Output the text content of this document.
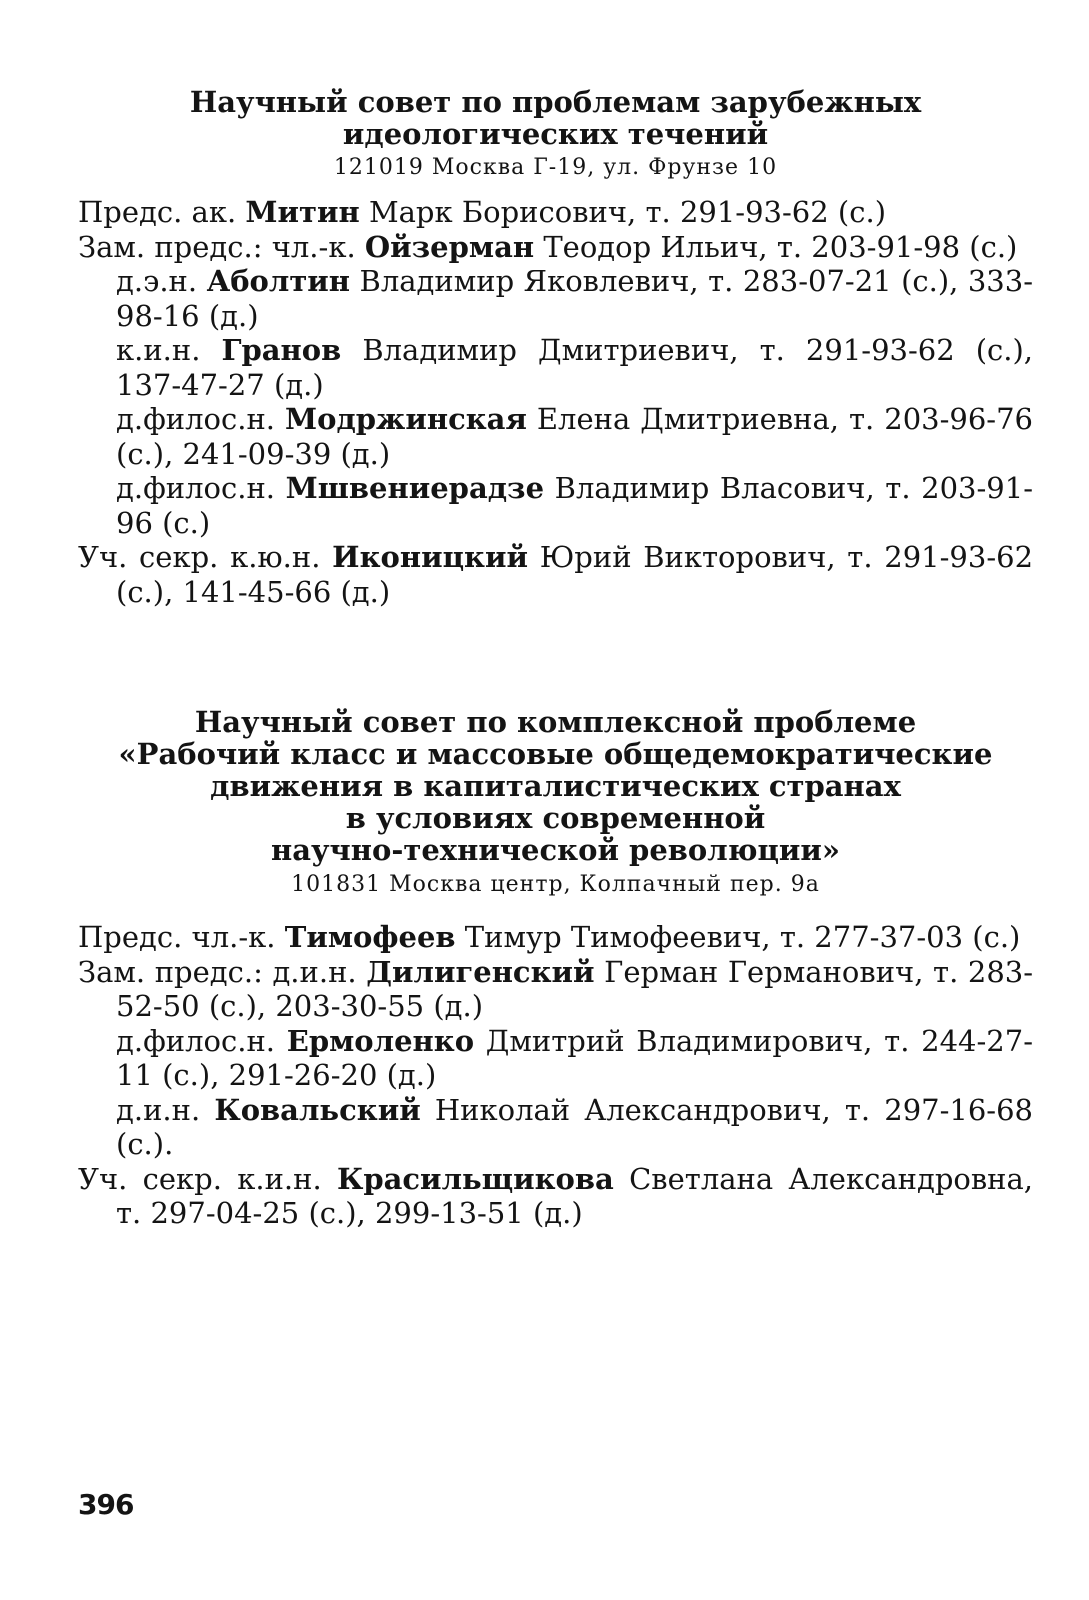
Научный совет по проблемам зарубежных
идеологических течений

121019 Москва Г-19, ул. Фрунзе 10

Предс. ак. Митин Марк Борисович, т. 291-93-62 (с.)

Зам. предс.: чл.-к. Ойзерман Теодор Ильич, т. 203-91-98 (с.)

д.э.н. Аболтин Владимир Яковлевич, т. 283-07-21 (с.), 333-98-16 (д.)

к.и.н. Гранов Владимир Дмитриевич, т. 291-93-62 (с.), 137-47-27 (д.)

д.филос.н. Модржинская Елена Дмитриевна, т. 203-96-76 (с.), 241-09-39 (д.)

д.филос.н. Мшвениерадзе Владимир Власович, т. 203-91-96 (с.)

Уч. секр. к.ю.н. Иконицкий Юрий Викторович, т. 291-93-62 (с.), 141-45-66 (д.)

Научный совет по комплексной проблеме
«Рабочий класс и массовые общедемократические
движения в капиталистических странах
в условиях современной
научно-технической революции»

101831 Москва центр, Колпачный пер. 9а

Предс. чл.-к. Тимофеев Тимур Тимофеевич, т. 277-37-03 (с.)

Зам. предс.: д.и.н. Дилигенский Герман Германович, т. 283-52-50 (с.), 203-30-55 (д.)

д.филос.н. Ермоленко Дмитрий Владимирович, т. 244-27-11 (с.), 291-26-20 (д.)

д.и.н. Ковальский Николай Александрович, т. 297-16-68 (с.).

Уч. секр. к.и.н. Красильщикова Светлана Александровна, т. 297-04-25 (с.), 299-13-51 (д.)

396
